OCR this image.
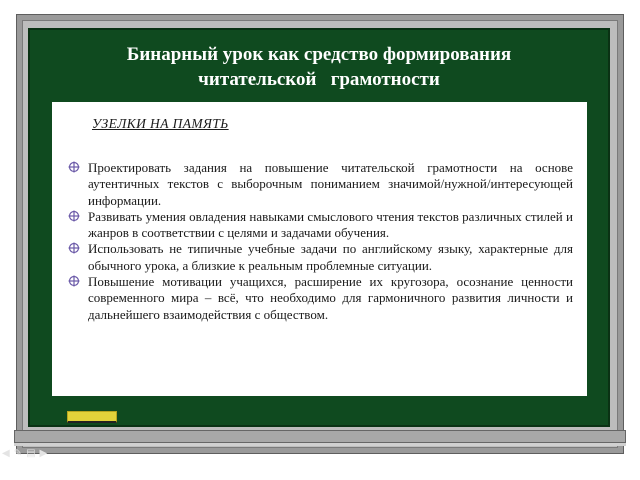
Бинарный урок как средство формирования
читательской   грамотности
УЗЕЛКИ НА ПАМЯТЬ
Проектировать задания на повышение читательской грамотности на основе аутентичных текстов с выборочным пониманием значимой/нужной/интересующей информации.
Развивать умения овладения навыками смыслового чтения текстов различных стилей и жанров в соответствии с целями и задачами обучения.
Использовать не типичные учебные задачи по английскому языку, характерные для обычного урока, а близкие к реальным проблемные ситуации.
Повышение мотивации учащихся, расширение их кругозора, осознание ценности современного мира – всё, что необходимо для гармоничного развития личности и дальнейшего взаимодействия с обществом.
◀✎▤▶
